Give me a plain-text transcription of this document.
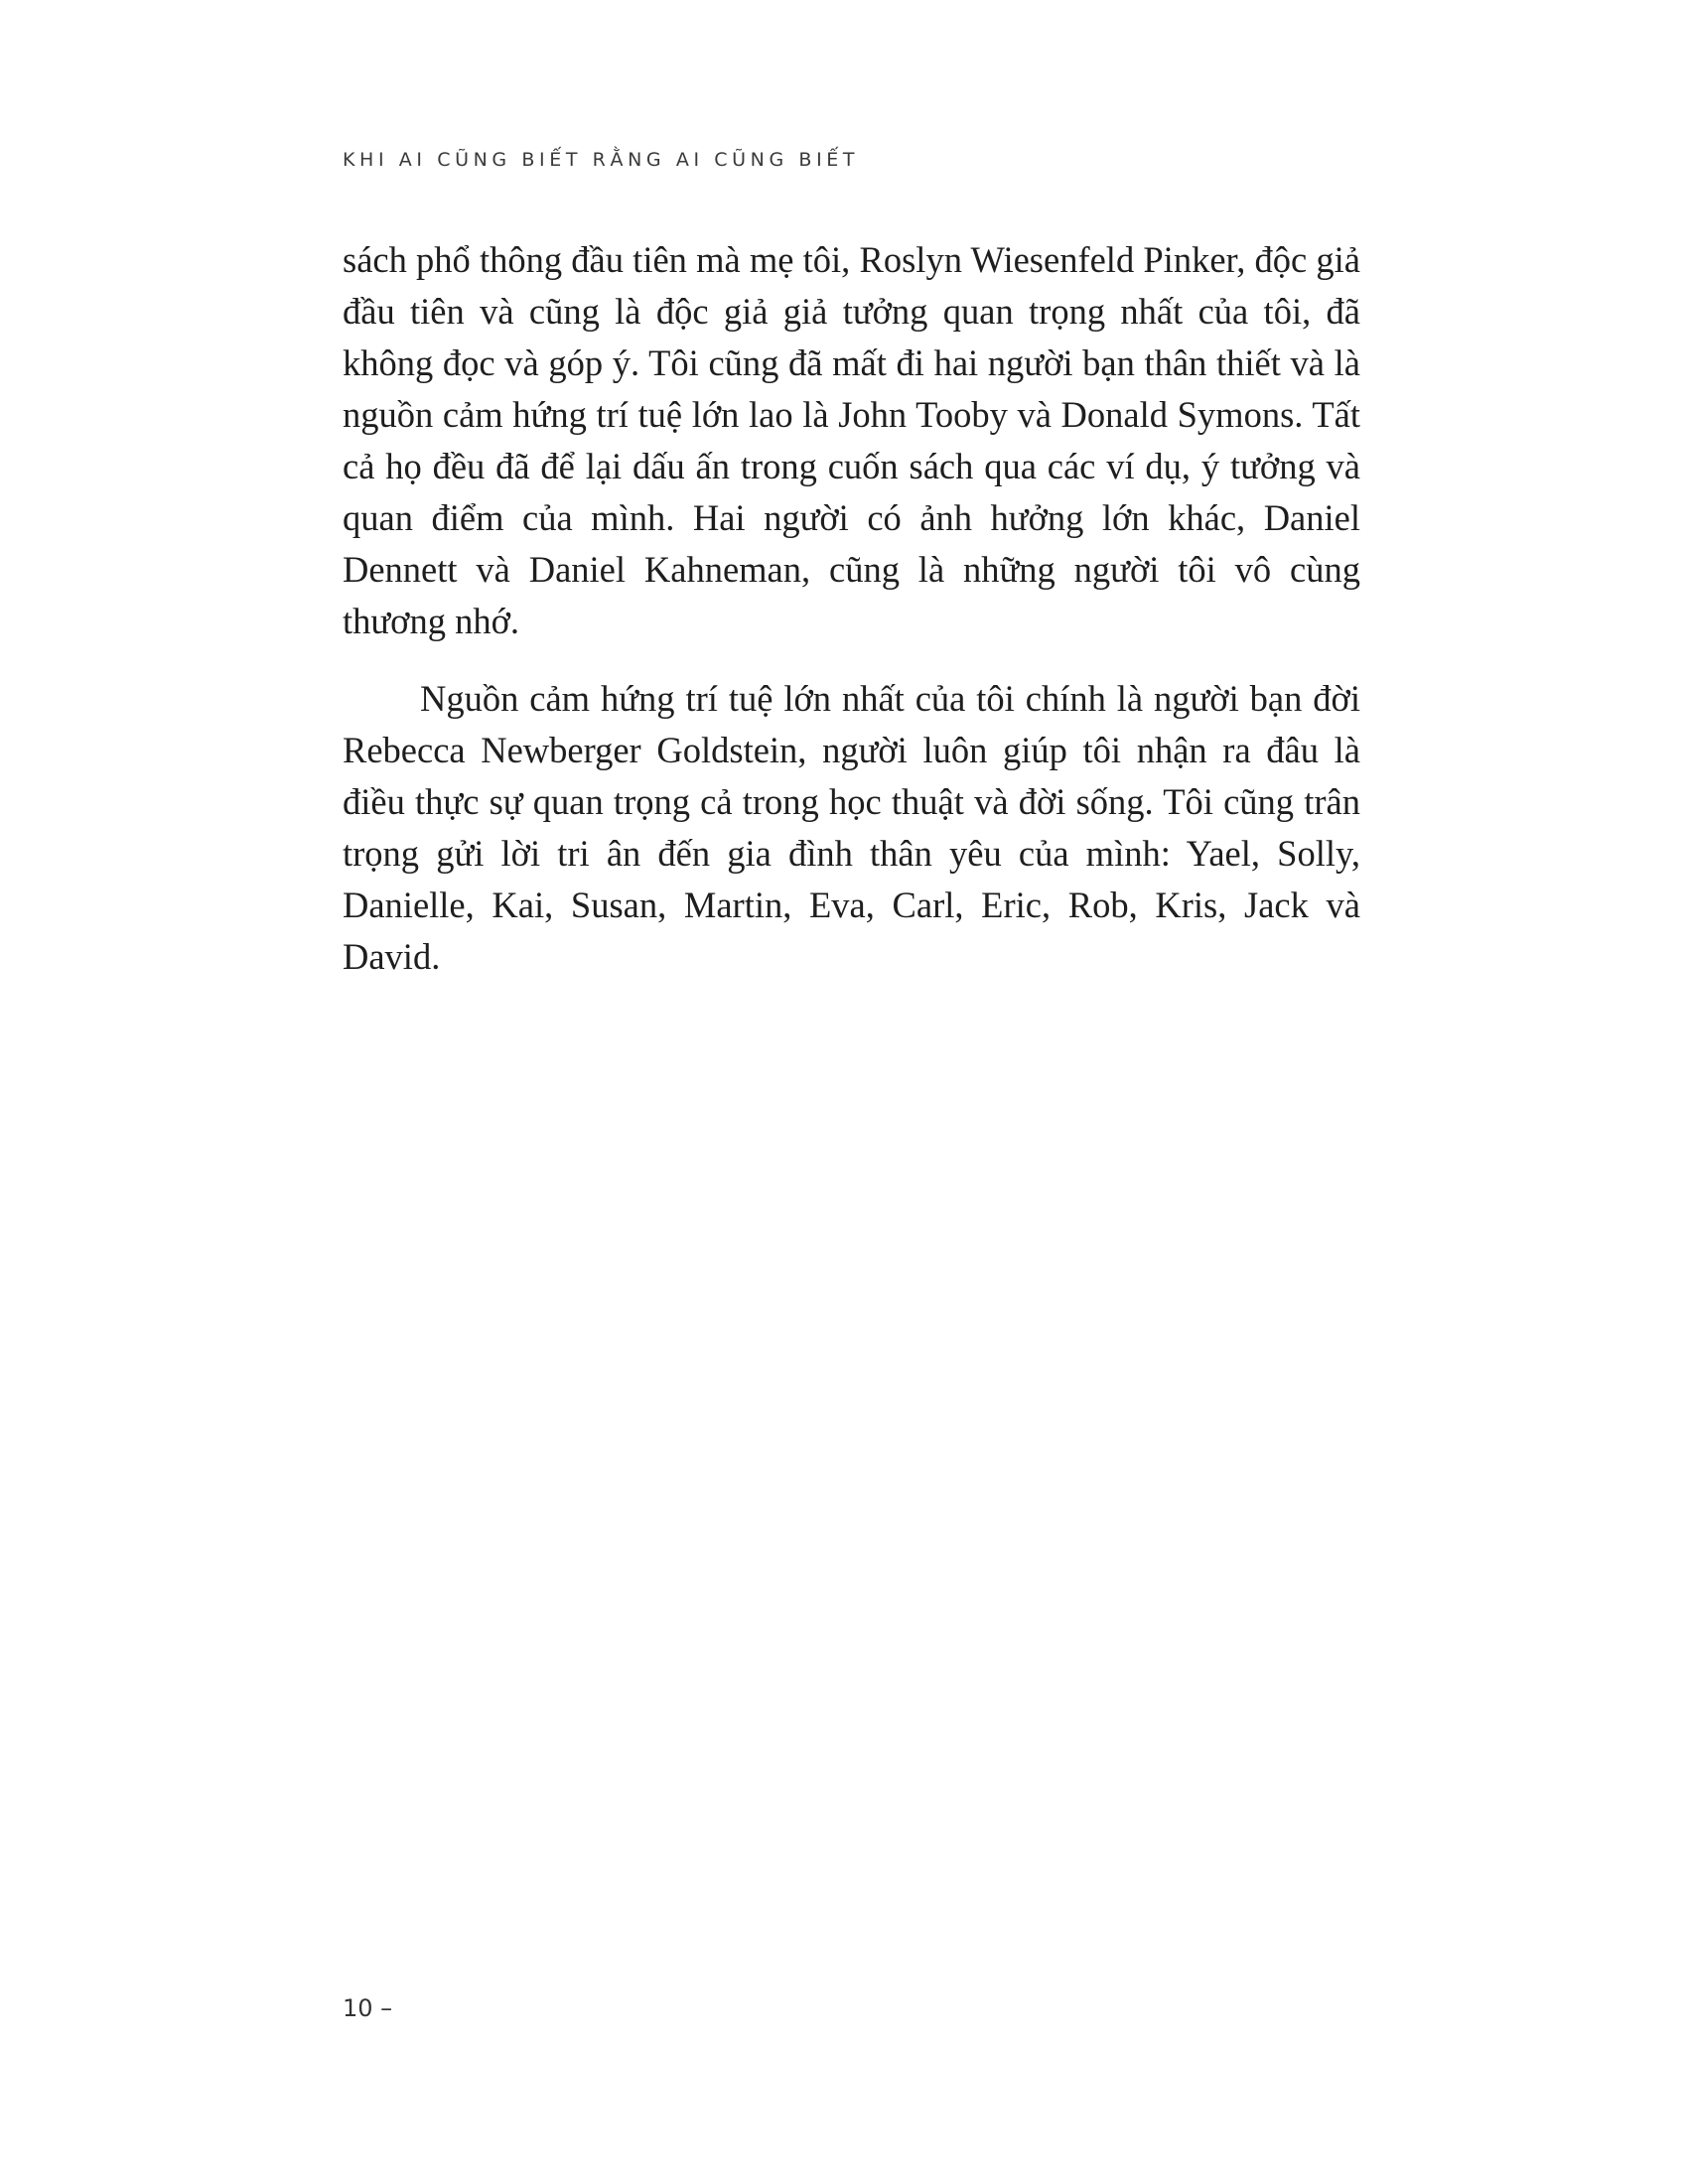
KHI AI CŨNG BIẾT RẰNG AI CŨNG BIẾT

sách phổ thông đầu tiên mà mẹ tôi, Roslyn Wiesenfeld Pinker, độc giả đầu tiên và cũng là độc giả giả tưởng quan trọng nhất của tôi, đã không đọc và góp ý. Tôi cũng đã mất đi hai người bạn thân thiết và là nguồn cảm hứng trí tuệ lớn lao là John Tooby và Donald Symons. Tất cả họ đều đã để lại dấu ấn trong cuốn sách qua các ví dụ, ý tưởng và quan điểm của mình. Hai người có ảnh hưởng lớn khác, Daniel Dennett và Daniel Kahneman, cũng là những người tôi vô cùng thương nhớ.

Nguồn cảm hứng trí tuệ lớn nhất của tôi chính là người bạn đời Rebecca Newberger Goldstein, người luôn giúp tôi nhận ra đâu là điều thực sự quan trọng cả trong học thuật và đời sống. Tôi cũng trân trọng gửi lời tri ân đến gia đình thân yêu của mình: Yael, Solly, Danielle, Kai, Susan, Martin, Eva, Carl, Eric, Rob, Kris, Jack và David.

10 –
